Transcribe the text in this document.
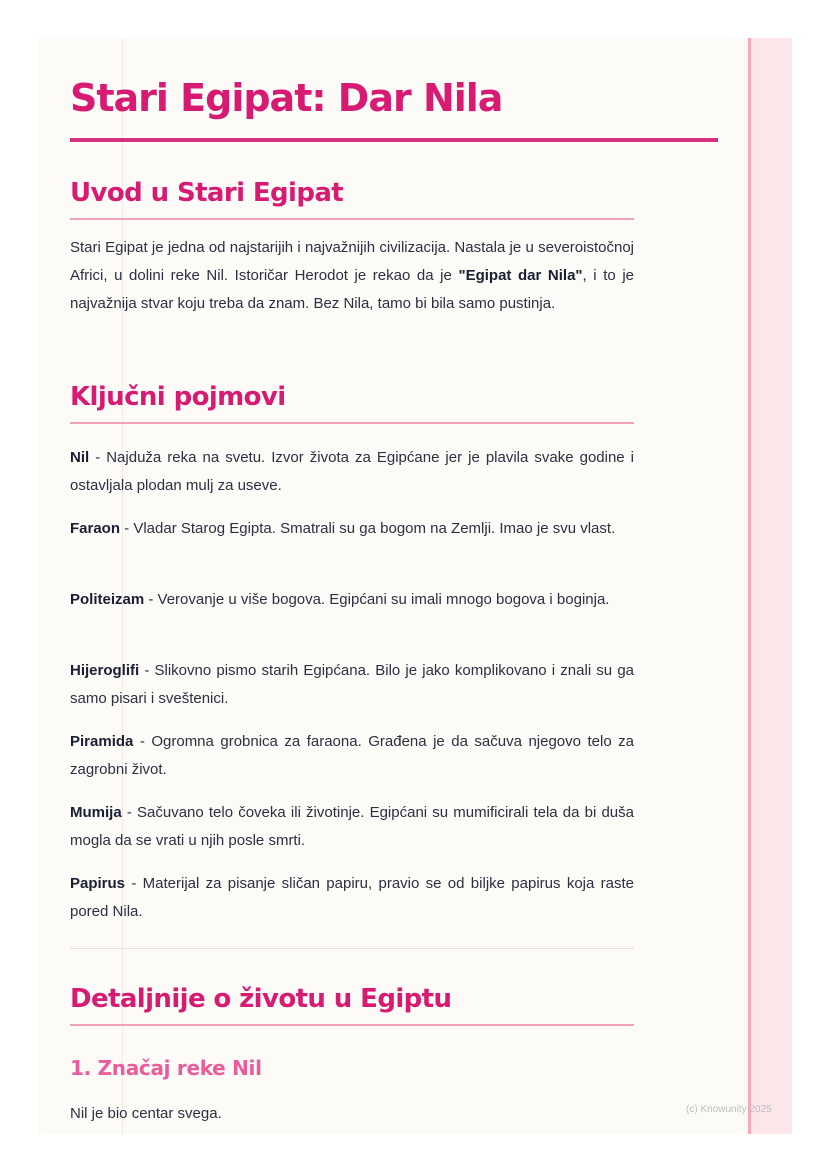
Stari Egipat: Dar Nila
Uvod u Stari Egipat

Stari Egipat je jedna od najstarijih i najvažnijih civilizacija. Nastala je u severoistočnoj Africi, u dolini reke Nil. Istoričar Herodot je rekao da je "Egipat dar Nila", i to je najvažnija stvar koju treba da znam. Bez Nila, tamo bi bila samo pustinja.

Ključni pojmovi

Nil - Najduža reka na svetu. Izvor života za Egipćane jer je plavila svake godine i ostavljala plodan mulj za useve.

Faraon - Vladar Starog Egipta. Smatrali su ga bogom na Zemlji. Imao je svu vlast.

Politeizam - Verovanje u više bogova. Egipćani su imali mnogo bogova i boginja.

Hijeroglifi - Slikovno pismo starih Egipćana. Bilo je jako komplikovano i znali su ga samo pisari i sveštenici.

Piramida - Ogromna grobnica za faraona. Građena je da sačuva njegovo telo za zagrobni život.

Mumija - Sačuvano telo čoveka ili životinje. Egipćani su mumificirali tela da bi duša mogla da se vrati u njih posle smrti.

Papirus - Materijal za pisanje sličan papiru, pravio se od biljke papirus koja raste pored Nila.

Detaljnije o životu u Egiptu
1. Značaj reke Nil

Nil je bio centar svega.	(c) Knowunity 2025
